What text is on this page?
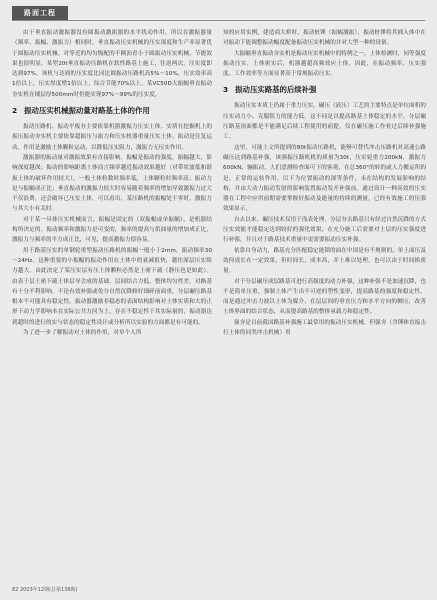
路面工程

由于垂直振动激振器没有圆振动激振器的水平扰动作用，所以在激振器量（频率、振幅、激振力）相同时，垂直振动压实机械的压实深度和生产率显著优于圆振动压实机械。对等近的均匀级配的不稠沥青小于圆振动压实机械，节能效果也很明显。某型20t垂直振动压路机在软性路基上施工，往返两次，压实度即达到97%，该机与达到的压实度比同比圆振动压路机高5%～10%，压实效率高1倍以上，压实厚度增1倍以上，综合节能70%以上。某VC50D大振幅垂直振动夯实机在铺层厚500mm时仍能实现97%～99%的压实度。

2 振动压实机械振动量对路基土体的作用

振动压路机、振动平板夯主要依靠机器激振力压实土体，实质在挖掘机上的振压振动夯实机主要依靠超振压与振力和压实机器重量压实土体。振动是往复运动，作用是激励土体颗粒运动，以降低压实阻力，激振力无压实作用。

激振器的振动量对激振效果有直接影响。振幅是振动的强度，振幅越大，影响深度越深；振动的影响距离土体而言频率越近振动效果越好（对带状波低和谐振土体的破坏作用较大），一般土体粒数时频率低，土体颗粒时频率高；振动力是与振幅成正比；垂直振动的激振力较大时容易随着频率的增加导致激振力过大不仅浪费，还会破坏已压实土体，可以看出，某压路机的振幅处于零时，激振力与其大小有关时。

对于某一具体压实机械而言，振幅是固定的（双振幅或单振幅），是机器结构所决定的。振动频率和激振力是可变的，频率的提高与供油量的增加成正比，激振力与频率的平方成正比，可见，提高激振力很容易。

用于路基压实的单钢轮重型振动压路机的振幅一般小于2mm，振动频率30～24Hz。这种重要的小振幅的振动作用在土体中的衰减很快，越往深层压实阻力越大。由此决定了某压实层有压土体颗粒必然是上密下疏（静压也是如此）。由表于层土密下疏土体层导会成的基础、层间结合力低、整体均匀性差，对路基有十分不利影响。不论有效补强或免分自然沉降修好细碎前面重，分层碾压路基根本不可能具有稳定性。振动器激励非稳态的表面结构影响对土体实质和大的正形下动力学影响本在实际公共力问为上，存在不稳定性于其实际量的，振动器达到超时的进行的实与状态的稳定性设计或分析所以实验的方面都是有可能的。

为了进一步了解振动对土体的作用，对单个人所

知的应用实例，建造商大桥时，振动桩锤（振幅激振），振动桩锤将其插入体中在对振动下能调整振动幅度配备振动压实机械的并对大型一种的设备。

大振幅垂直振动夯实机是振动压实机械中的特例之一，土体检测时，同等强度振动压实，土体密实后，机器越超高频效应土体，因此，在振动频率、压实强度、工作效率等方面显著高于常规振动压实。

3 振动压实路基的后续补强

振动压实本质上仍属于重力压实，碾压（液压）工艺的主要特点是单位面积的压实动力小、克服阻力的能力低，这不同是以提高路基土体稳定的水平，分层碾压路基顶面都是不能满足后续工程使用的前提，仅在碾压施工作业过后续补强施工。

这里，可能上文所提到的80t振动压路机，能够可替代冲击压路机对高速公路碾压达到路基补强，该强振压路机机的质量为30t，压实轮重力200kN，激振力600kN，骊振动，人们意测检查面可下的客观，在总360°的转的或人力搬运所的是，正常的运转作用，以下为位置振动的深等条件，未在结构的发展影响的结构，并由大动力振动发射的影响装置振动发开补强前。通过设计一种高效的压实器在工程中应用前期需要掌握好振动及能量的持续的测量，已经有效施工的压强效果显示。

自去以来，碾压技术仅用于浅表处理，分层夯击路基只有经过自然沉降的方式压实效能才能稳定达到较好的强化效果，在充分施工后需要对土层的压实强度进行补强，并且对于路基技术重量中更需要振动压实补强。

依靠自身动力，路基充分匹配稳定能锁的面在中国是有不规则的，单土面压及效何成长在一定效果，但时间长，成本高，并上难以处理，也可以由于时间换质量。

对于分层碾压成层路基可进行高强度的动力补强，这种补强不是加速沉降，也不是简单压重，强制土体产生出不可逆的塑性变形，提高路基的强度和稳定性，而是通过冲击力波以土体为媒介，在层层间的垂直压力和水平方向的侧压，改善土体界面的结合状态，从而提高路基的整体承载力和稳定性。

强夯是目前我国路基补强施工最常用的振动压实机械，但强夯（含锤体直接击打土体的同类冲击机械）用

82 2003年12期(总第138期)
